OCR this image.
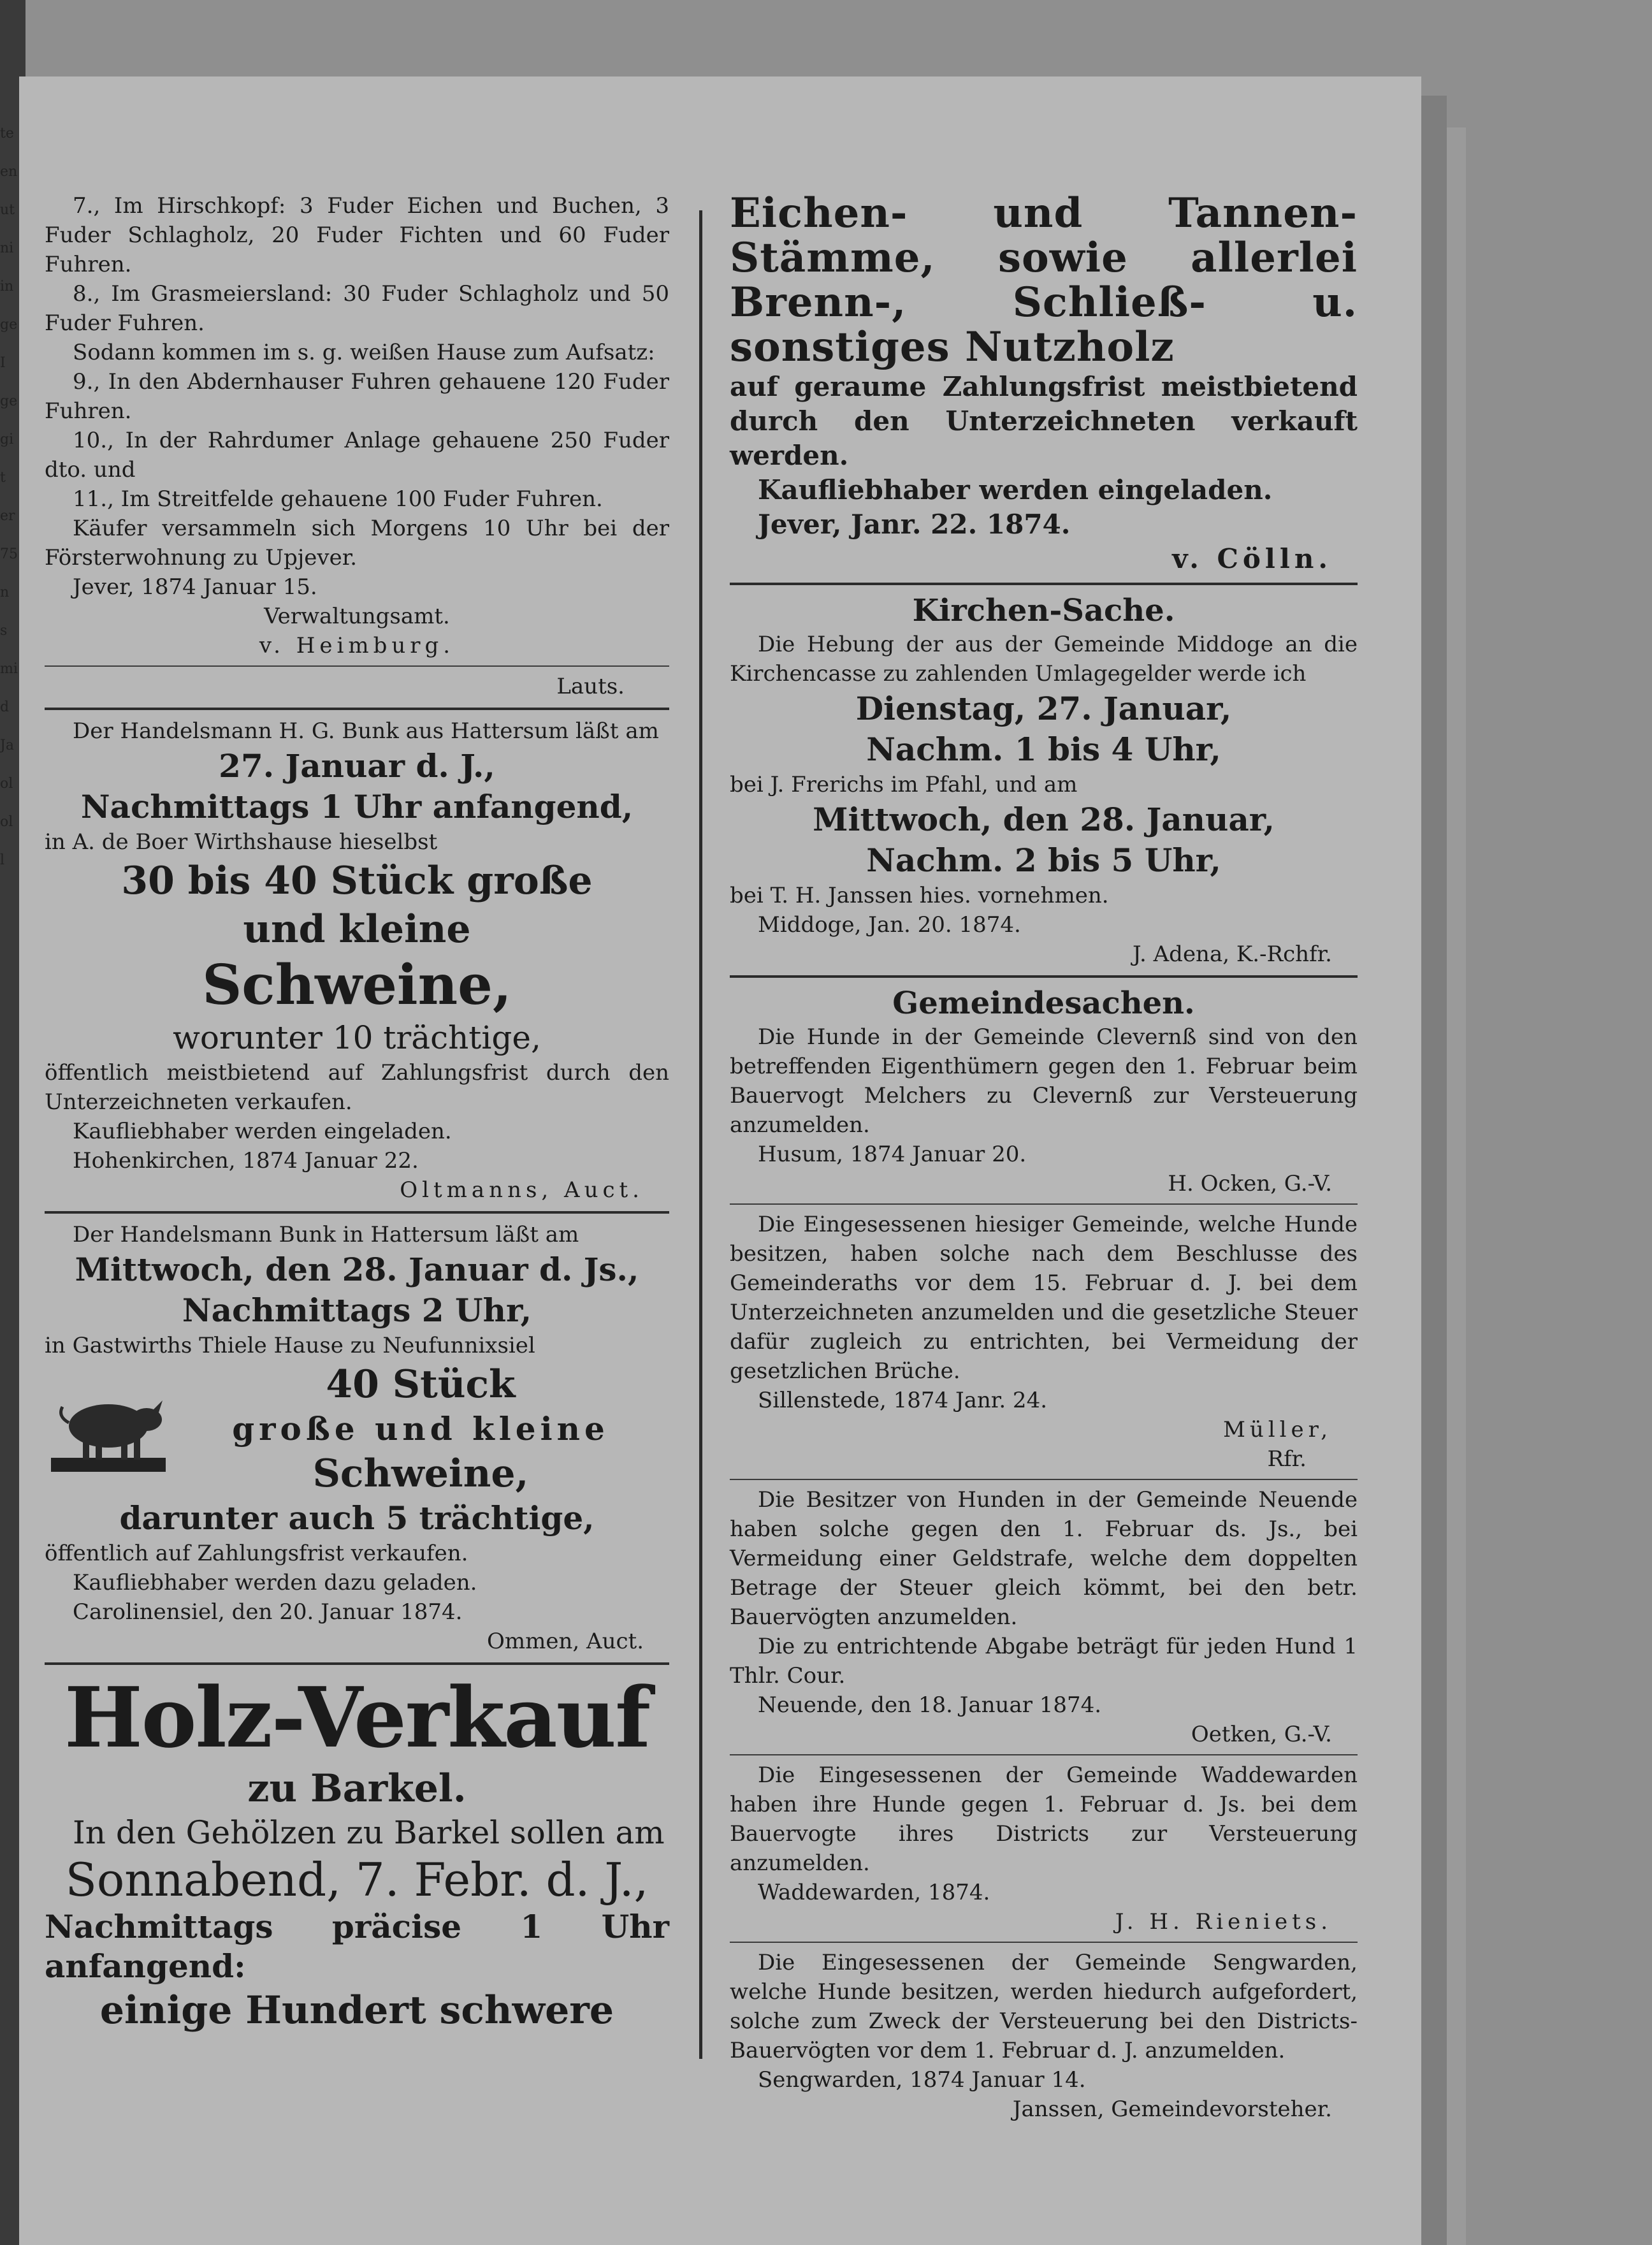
te
en
ut
ni
in
ge
I
ge
gi
t
er
75
n
s
mi
d
Ja
ol
ol
l

7., Im Hirschkopf: 3 Fuder Eichen und Buchen, 3 Fuder Schlagholz, 20 Fuder Fichten und 60 Fuder Fuhren.

8., Im Grasmeiersland: 30 Fuder Schlagholz und 50 Fuder Fuhren.

Sodann kommen im s. g. weißen Hause zum Aufsatz:

9., In den Abdernhauser Fuhren gehauene 120 Fuder Fuhren.

10., In der Rahrdumer Anlage gehauene 250 Fuder dto. und

11., Im Streitfelde gehauene 100 Fuder Fuhren.

Käufer versammeln sich Morgens 10 Uhr bei der Försterwohnung zu Upjever.

Jever, 1874 Januar 15.

Verwaltungsamt.

v. Heimburg.

Lauts.

Der Handelsmann H. G. Bunk aus Hattersum läßt am

27. Januar d. J.,

Nachmittags 1 Uhr anfangend,

in A. de Boer Wirthshause hieselbst

30 bis 40 Stück große

und kleine

Schweine,

worunter 10 trächtige,

öffentlich meistbietend auf Zahlungsfrist durch den Unterzeichneten verkaufen.

Kaufliebhaber werden eingeladen.

Hohenkirchen, 1874 Januar 22.

Oltmanns, Auct.

Der Handelsmann Bunk in Hattersum läßt am

Mittwoch, den 28. Januar d. Js.,

Nachmittags 2 Uhr,

in Gastwirths Thiele Hause zu Neufunnixsiel

40 Stück

große und kleine

Schweine,

darunter auch 5 trächtige,

öffentlich auf Zahlungsfrist verkaufen.

Kaufliebhaber werden dazu geladen.

Carolinensiel, den 20. Januar 1874.

Ommen, Auct.

Holz-Verkauf

zu Barkel.

In den Gehölzen zu Barkel sollen am

Sonnabend, 7. Febr. d. J.,

Nachmittags präcise 1 Uhr anfangend:

einige Hundert schwere

Eichen- und Tannen-Stämme, sowie allerlei Brenn-, Schließ- u. sonstiges Nutzholz

auf geraume Zahlungsfrist meistbietend durch den Unterzeichneten verkauft werden.

Kaufliebhaber werden eingeladen.

Jever, Janr. 22. 1874.

v. Cölln.

Kirchen-Sache.

Die Hebung der aus der Gemeinde Middoge an die Kirchencasse zu zahlenden Umlagegelder werde ich

Dienstag, 27. Januar,

Nachm. 1 bis 4 Uhr,

bei J. Frerichs im Pfahl, und am

Mittwoch, den 28. Januar,

Nachm. 2 bis 5 Uhr,

bei T. H. Janssen hies. vornehmen.

Middoge, Jan. 20. 1874.

J. Adena, K.-Rchfr.

Gemeindesachen.

Die Hunde in der Gemeinde Clevernß sind von den betreffenden Eigenthümern gegen den 1. Februar beim Bauervogt Melchers zu Clevernß zur Versteuerung anzumelden.

Husum, 1874 Januar 20.

H. Ocken, G.-V.

Die Eingesessenen hiesiger Gemeinde, welche Hunde besitzen, haben solche nach dem Beschlusse des Gemeinderaths vor dem 15. Februar d. J. bei dem Unterzeichneten anzumelden und die gesetzliche Steuer dafür zugleich zu entrichten, bei Vermeidung der gesetzlichen Brüche.

Sillenstede, 1874 Janr. 24.

Müller,

Rfr.

Die Besitzer von Hunden in der Gemeinde Neuende haben solche gegen den 1. Februar ds. Js., bei Vermeidung einer Geldstrafe, welche dem doppelten Betrage der Steuer gleich kömmt, bei den betr. Bauervögten anzumelden.

Die zu entrichtende Abgabe beträgt für jeden Hund 1 Thlr. Cour.

Neuende, den 18. Januar 1874.

Oetken, G.-V.

Die Eingesessenen der Gemeinde Waddewarden haben ihre Hunde gegen 1. Februar d. Js. bei dem Bauervogte ihres Districts zur Versteuerung anzumelden.

Waddewarden, 1874.

J. H. Rieniets.

Die Eingesessenen der Gemeinde Sengwarden, welche Hunde besitzen, werden hiedurch aufgefordert, solche zum Zweck der Versteuerung bei den Districts-Bauervögten vor dem 1. Februar d. J. anzumelden.

Sengwarden, 1874 Januar 14.

Janssen, Gemeindevorsteher.
